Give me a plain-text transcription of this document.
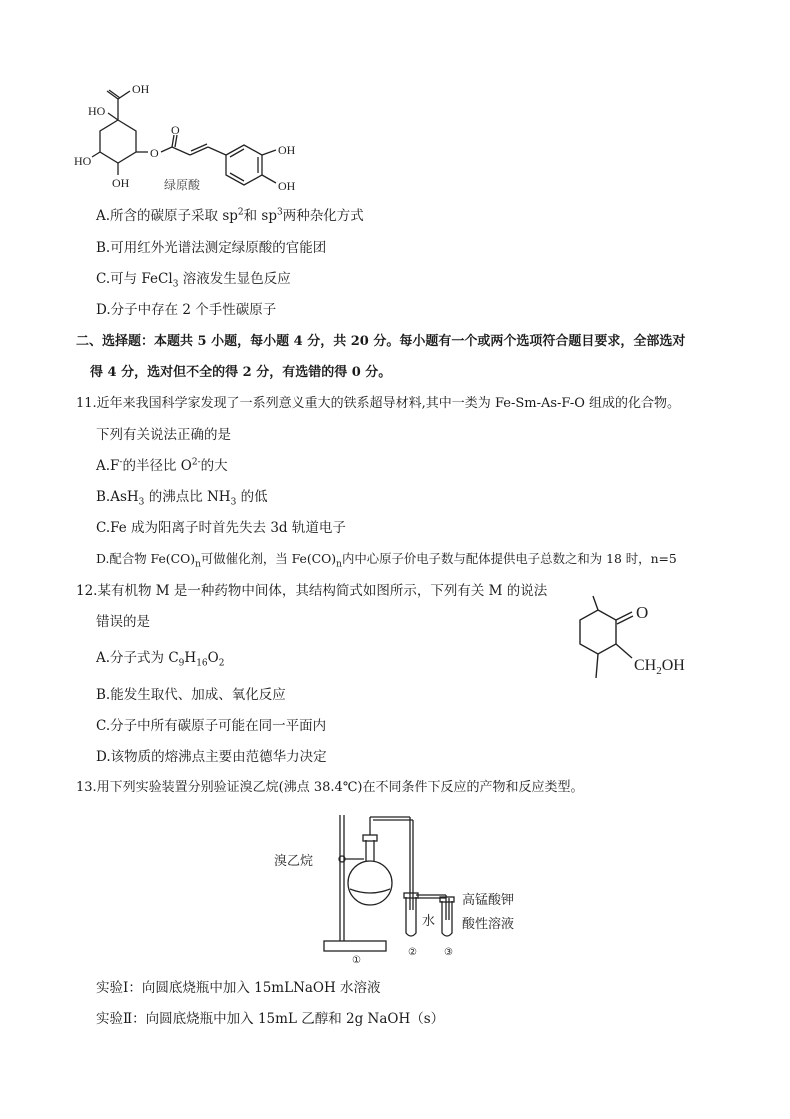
OH
HO
HO
OH
O
O
OH
OH
绿原酸
A.所含的碳原子采取 $sp^2$和 $sp^3$两种杂化方式
B.可用红外光谱法测定绿原酸的官能团
C.可与 FeCl$_3$ 溶液发生显色反应
D.分子中存在 2 个手性碳原子
二、选择题：本题共 5 小题，每小题 4 分，共 20 分。每小题有一个或两个选项符合题目要求，全部选对
得 4 分，选对但不全的得 2 分，有选错的得 0 分。
11.近年来我国科学家发现了一系列意义重大的铁系超导材料,其中一类为 Fe-Sm-As-F-O 组成的化合物。
下列有关说法正确的是
A.F-的半径比 $O^{2-}$的大
B.AsH$_3$ 的沸点比 $NH_3$ 的低
C.Fe 成为阳离子时首先失去 3d 轨道电子
D.配合物 $Fe(CO)_n$可做催化剂，当 $Fe(CO)_n$内中心原子价电子数与配体提供电子总数之和为 18 时，n=5
12.某有机物 M 是一种药物中间体，其结构简式如图所示，下列有关 M 的说法
错误的是
A.分子式为 $C_9H_{16}O_2$
B.能发生取代、加成、氧化反应
C.分子中所有碳原子可能在同一平面内
D.该物质的熔沸点主要由范德华力决定
O
$CH_2OH$
13.用下列实验装置分别验证溴乙烷(沸点 38.4℃)在不同条件下反应的产物和反应类型。
溴乙烷
水
高锰酸钾
酸性溶液
①
②	③
实验Ⅰ：向圆底烧瓶中加入 15mLNaOH 水溶液
实验Ⅱ：向圆底烧瓶中加入 15mL 乙醇和 2g NaOH（s）
